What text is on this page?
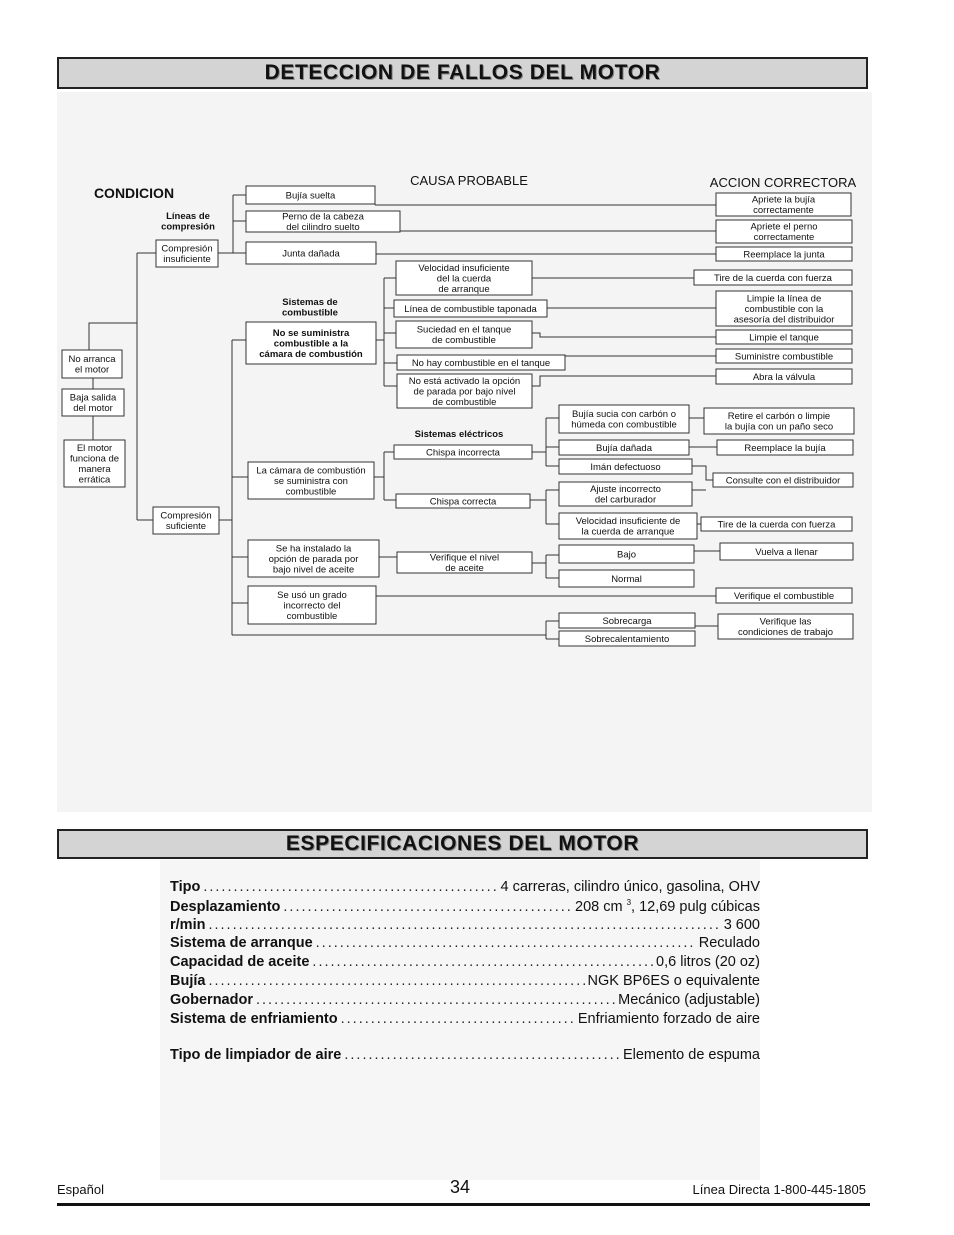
DETECCION DE FALLOS DEL MOTOR
CONDICION
CAUSA PROBABLE	ACCION CORRECTORA
Líneas de
compresión
Sistemas de
combustible
Sistemas eléctricos
No arranca
el motor
Baja salida
del motor
El motor
funciona de
manera
errática
Compresión
insuficiente
Compresión
suficiente
Bujía suelta
Perno de la cabeza
del cilindro suelto
Junta dañada
No se suministra
combustible a la
cámara de combustión
Velocidad insuficiente
del la cuerda
de arranque
Línea de combustible taponada
Suciedad en el tanque
de combustible
No hay combustible en el tanque
No está activado la opción
de parada por bajo nivel
de combustible
La cámara de combustión
se suministra con
combustible
Chispa incorrecta
Chispa correcta
Bujía sucia con carbón o
húmeda con combustible
Bujía dañada
Imán defectuoso
Ajuste incorrecto
del carburador
Velocidad insuficiente de
la cuerda de arranque
Se ha instalado la
opción de parada por
bajo nivel de aceite
Verifique el nivel
de aceite
Bajo
Normal
Se usó un grado
incorrecto del
combustible	Sobrecarga
Sobrecalentamiento
Apriete la bujía
correctamente
Apriete el perno
correctamente
Reemplace la junta
Tire de la cuerda con fuerza
Limpie la línea de
combustible con la
asesoría del distribuidor
Limpie el tanque
Suministre combustible
Abra la válvula
Retire el carbón o limpie
la bujía con un paño seco
Reemplace la bujía
Consulte con el distribuidor
Tire de la cuerda con fuerza
Vuelva a llenar
Verifique el combustible
Verifique las
condiciones de trabajo
ESPECIFICACIONES DEL MOTOR
Tipo .....	4 carreras, cilindro único, gasolina, OHV
Desplazamiento .....	208 cm $^3$, 12,69 pulg cúbicas
r/min .....	3 600
Sistema de arranque .....	Reculado
Capacidad de aceite .....	0,6 litros (20 oz)
Bujía .....	NGK BP6ES o equivalente
Gobernador .....	Mecánico (adjustable)
Sistema de enfriamiento .....	Enfriamiento forzado de aire
Tipo de limpiador de aire .....	Elemento de espuma
Español	34	Línea Directa 1-800-445-1805
